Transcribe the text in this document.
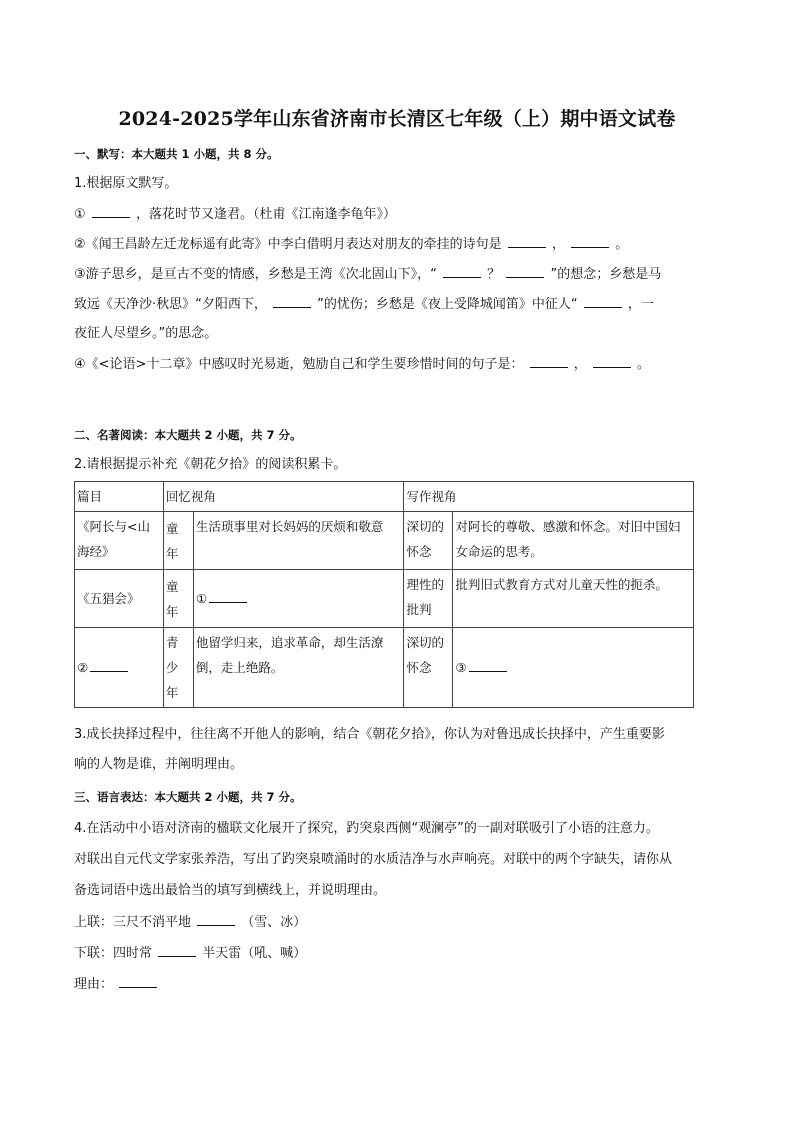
2024-2025学年山东省济南市长清区七年级（上）期中语文试卷
一、默写：本大题共 1 小题，共 8 分。
1.根据原文默写。
①	，落花时节又逢君。（杜甫《江南逢李龟年》）
②《闻王昌龄左迁龙标遥有此寄》中李白借明月表达对朋友的牵挂的诗句是	，	。
③游子思乡，是亘古不变的情感，乡愁是王湾《次北固山下》，“	？	”的想念；乡愁是马
致远《天净沙·秋思》“夕阳西下，	”的忧伤；乡愁是《夜上受降城闻笛》中征人“	，一
夜征人尽望乡。”的思念。
④《<论语>十二章》中感叹时光易逝，勉励自己和学生要珍惜时间的句子是：	，	。
二、名著阅读：本大题共 2 小题，共 7 分。
2.请根据提示补充《朝花夕拾》的阅读积累卡。
篇目	回忆视角		写作视角	

《阿长与<山海经》	童年	生活琐事里对长妈妈的厌烦和敬意	深切的怀念	对阿长的尊敬、感激和怀念。对旧中国妇女命运的思考。

《五猖会》	童年	①	理性的批判	批判旧式教育方式对儿童天性的扼杀。

②	青少年	他留学归来，追求革命，却生活潦倒，走上绝路。	深切的怀念	③
3.成长抉择过程中，往往离不开他人的影响，结合《朝花夕拾》，你认为对鲁迅成长抉择中，产生重要影
响的人物是谁，并阐明理由。
三、语言表达：本大题共 2 小题，共 7 分。
4.在活动中小语对济南的楹联文化展开了探究，趵突泉西侧“观澜亭”的一副对联吸引了小语的注意力。
对联出自元代文学家张养浩，写出了趵突泉喷涌时的水质洁净与水声响亮。对联中的两个字缺失，请你从
备选词语中选出最恰当的填写到横线上，并说明理由。
上联：三尺不消平地	（雪、冰）
下联：四时常	半天雷（吼、喊）
理由：
